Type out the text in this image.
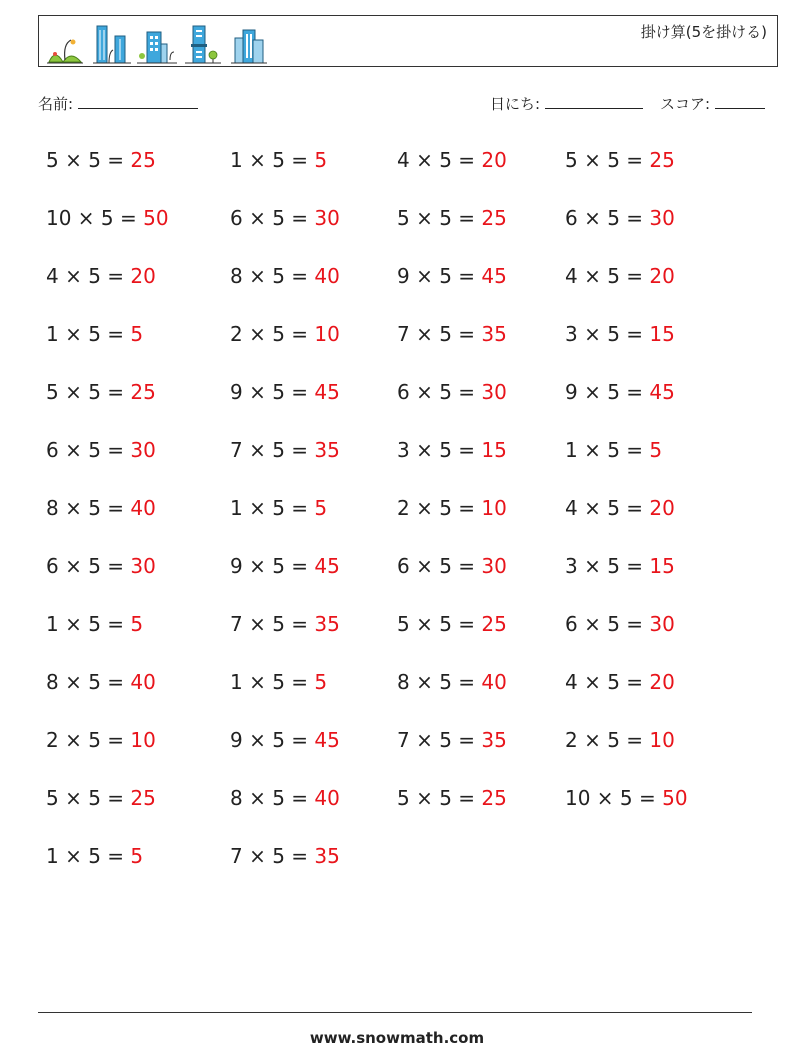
掛け算(5を掛ける)
名前:	日にち:	スコア:
5 × 5 = 25	1 × 5 = 5	4 × 5 = 20	5 × 5 = 25
10 × 5 = 50	6 × 5 = 30	5 × 5 = 25	6 × 5 = 30
4 × 5 = 20	8 × 5 = 40	9 × 5 = 45	4 × 5 = 20
1 × 5 = 5	2 × 5 = 10	7 × 5 = 35	3 × 5 = 15
5 × 5 = 25	9 × 5 = 45	6 × 5 = 30	9 × 5 = 45
6 × 5 = 30	7 × 5 = 35	3 × 5 = 15	1 × 5 = 5
8 × 5 = 40	1 × 5 = 5	2 × 5 = 10	4 × 5 = 20
6 × 5 = 30	9 × 5 = 45	6 × 5 = 30	3 × 5 = 15
1 × 5 = 5	7 × 5 = 35	5 × 5 = 25	6 × 5 = 30
8 × 5 = 40	1 × 5 = 5	8 × 5 = 40	4 × 5 = 20
2 × 5 = 10	9 × 5 = 45	7 × 5 = 35	2 × 5 = 10
5 × 5 = 25	8 × 5 = 40	5 × 5 = 25	10 × 5 = 50
1 × 5 = 5	7 × 5 = 35
www.snowmath.com
